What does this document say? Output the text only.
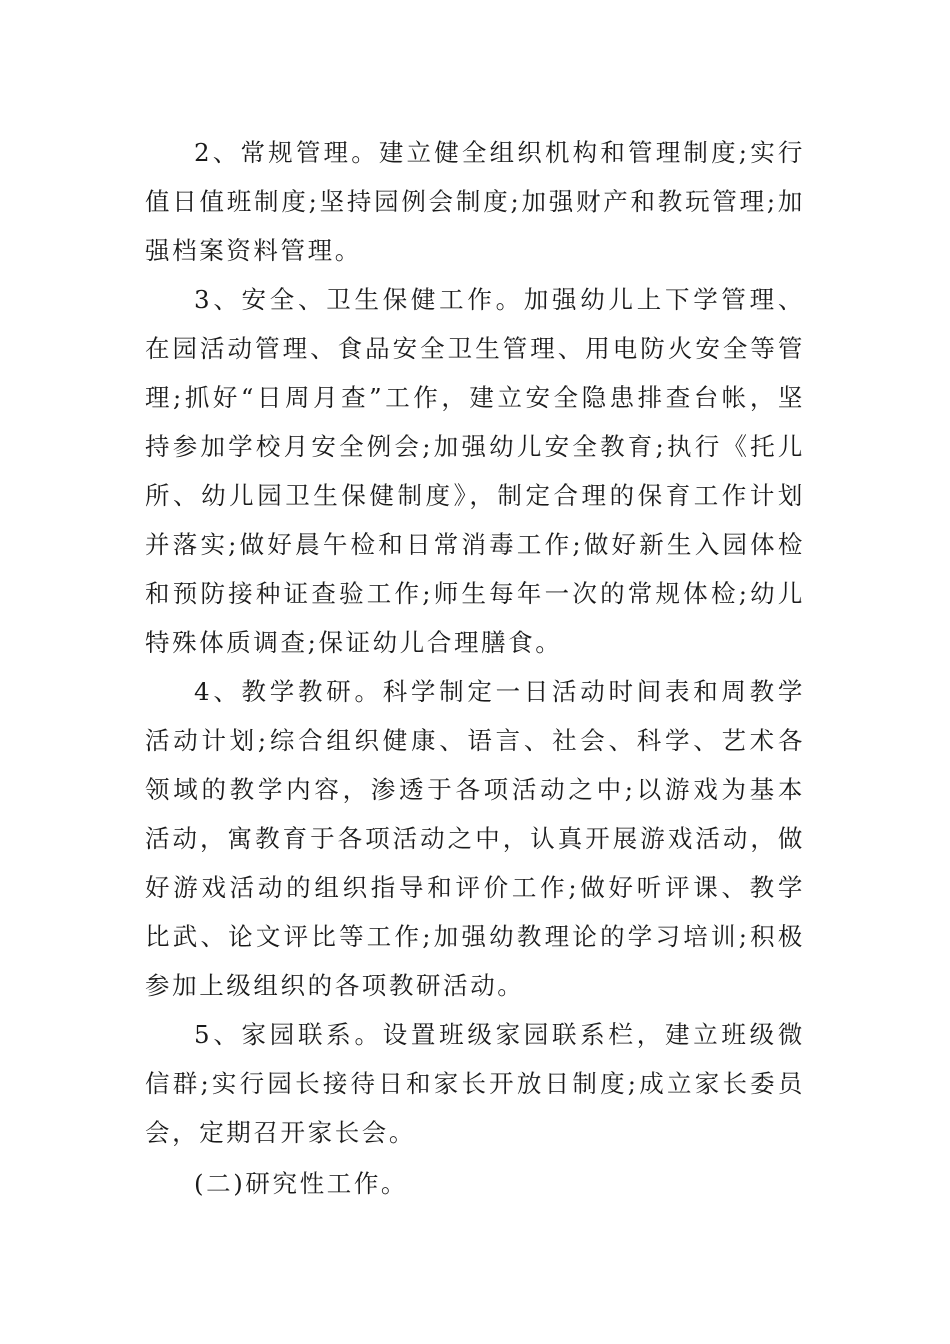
2、常规管理。建立健全组织机构和管理制度;实行值日值班制度;坚持园例会制度;加强财产和教玩管理;加强档案资料管理。

3、安全、卫生保健工作。加强幼儿上下学管理、在园活动管理、食品安全卫生管理、用电防火安全等管理;抓好“日周月查”工作，建立安全隐患排查台帐，坚持参加学校月安全例会;加强幼儿安全教育;执行《托儿所、幼儿园卫生保健制度》，制定合理的保育工作计划并落实;做好晨午检和日常消毒工作;做好新生入园体检和预防接种证查验工作;师生每年一次的常规体检;幼儿特殊体质调查;保证幼儿合理膳食。

4、教学教研。科学制定一日活动时间表和周教学活动计划;综合组织健康、语言、社会、科学、艺术各领域的教学内容，渗透于各项活动之中;以游戏为基本活动，寓教育于各项活动之中，认真开展游戏活动，做好游戏活动的组织指导和评价工作;做好听评课、教学比武、论文评比等工作;加强幼教理论的学习培训;积极参加上级组织的各项教研活动。

5、家园联系。设置班级家园联系栏，建立班级微信群;实行园长接待日和家长开放日制度;成立家长委员会，定期召开家长会。

(二)研究性工作。
